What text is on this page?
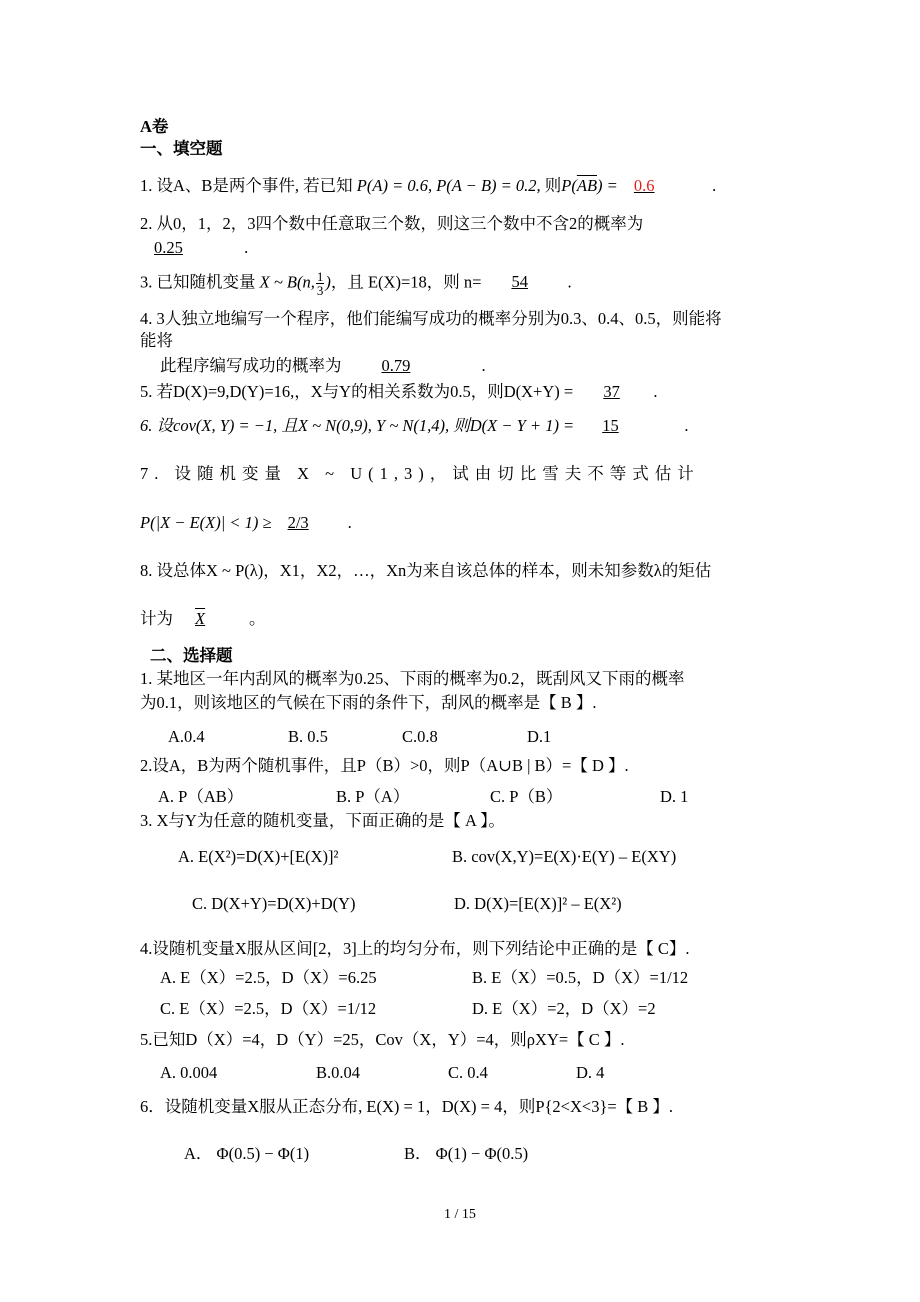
A卷
一、填空题
1. 设A、B是两个事件, 若已知 P(A) = 0.6, P(A − B) = 0.2, 则$P(\overline{AB}) = 0.6$	.
2. 从0，1，2，3四个数中任意取三个数，则这三个数中不含2的概率为
0.25	.
3. 已知随机变量 X ~ B(n, $\frac{1}{3}$ )，且 E(X)=18，则 n= 54 .
4. 3人独立地编写一个程序，他们能编写成功的概率分别为0.3、0.4、0.5，则能将
能将
此程序编写成功的概率为 0.79	.
5. 若D(X)=9,D(Y)=16,，X与Y的相关系数为0.5，则D(X+Y) = 37 .
6. 设cov(X, Y) = −1, 且X ~ N(0,9), Y ~ N(1,4), 则D(X − Y + 1) = 15	.
7. 设随机变量 X ~ U(1,3)，试由切比雪夫不等式估计
P(|X − E(X)| < 1) ≥ 2/3 .
8. 设总体X ~ P(λ)，X1，X2，…，Xn为来自该总体的样本，则未知参数λ的矩估
计为 X	。
二、选择题
1. 某地区一年内刮风的概率为0.25、下雨的概率为0.2，既刮风又下雨的概率
为0.1，则该地区的气候在下雨的条件下，刮风的概率是【 B 】.
A.0.4	B. 0.5	C.0.8	D.1
2.设A，B为两个随机事件，且P（B）>0，则P（A∪B | B）=【 D 】.
A. P（AB）	B. P（A）	C. P（B）	D. 1
3. X与Y为任意的随机变量，下面正确的是【 A 】。
A. E(X²)=D(X)+[E(X)]²	B. cov(X,Y)=E(X)·E(Y) – E(XY)
C. D(X+Y)=D(X)+D(Y)	D. D(X)=[E(X)]² – E(X²)
4.设随机变量X服从区间[2，3]上的均匀分布，则下列结论中正确的是【 C】.
A. E（X）=2.5，D（X）=6.25	B. E（X）=0.5，D（X）=1/12
C. E（X）=2.5，D（X）=1/12	D. E（X）=2，D（X）=2
5.已知D（X）=4，D（Y）=25，Cov（X，Y）=4，则ρXY=【 C 】.
A. 0.004	B.0.04	C. 0.4	D. 4
6．设随机变量X服从正态分布, E(X) = 1，D(X) = 4，则P{2<X<3}=【 B 】.
A． Φ(0.5) − Φ(1)	B． Φ(1) − Φ(0.5)
1 / 15
